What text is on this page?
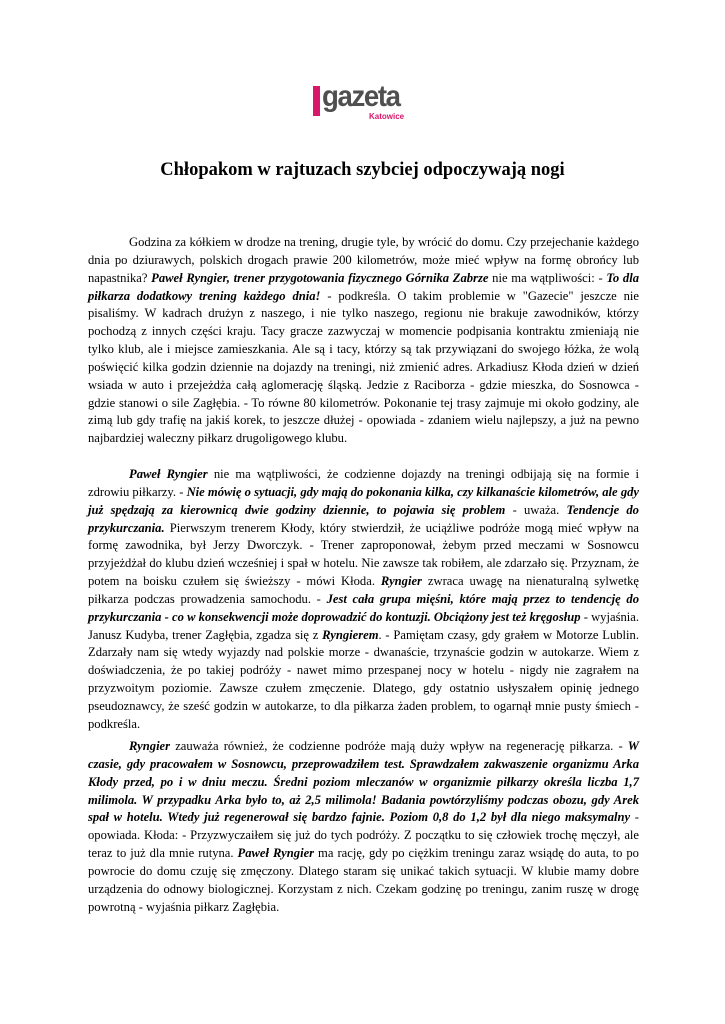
gazeta
Katowice
Chłopakom w rajtuzach szybciej odpoczywają nogi

Godzina za kółkiem w drodze na trening, drugie tyle, by wrócić do domu. Czy przejechanie każdego dnia po dziurawych, polskich drogach prawie 200 kilometrów, może mieć wpływ na formę obrońcy lub napastnika? Paweł Ryngier, trener przygotowania fizycznego Górnika Zabrze nie ma wątpliwości: - To dla piłkarza dodatkowy trening każdego dnia! - podkreśla. O takim problemie w "Gazecie" jeszcze nie pisaliśmy. W kadrach drużyn z naszego, i nie tylko naszego, regionu nie brakuje zawodników, którzy pochodzą z innych części kraju. Tacy gracze zazwyczaj w momencie podpisania kontraktu zmieniają nie tylko klub, ale i miejsce zamieszkania. Ale są i tacy, którzy są tak przywiązani do swojego łóżka, że wolą poświęcić kilka godzin dziennie na dojazdy na treningi, niż zmienić adres. Arkadiusz Kłoda dzień w dzień wsiada w auto i przejeżdża całą aglomerację śląską. Jedzie z Raciborza - gdzie mieszka, do Sosnowca - gdzie stanowi o sile Zagłębia. - To równe 80 kilometrów. Pokonanie tej trasy zajmuje mi około godziny, ale zimą lub gdy trafię na jakiś korek, to jeszcze dłużej - opowiada - zdaniem wielu najlepszy, a już na pewno najbardziej waleczny piłkarz drugoligowego klubu.

Paweł Ryngier nie ma wątpliwości, że codzienne dojazdy na treningi odbijają się na formie i zdrowiu piłkarzy. - Nie mówię o sytuacji, gdy mają do pokonania kilka, czy kilkanaście kilometrów, ale gdy już spędzają za kierownicą dwie godziny dziennie, to pojawia się problem - uważa. Tendencje do przykurczania. Pierwszym trenerem Kłody, który stwierdził, że uciążliwe podróże mogą mieć wpływ na formę zawodnika, był Jerzy Dworczyk. - Trener zaproponował, żebym przed meczami w Sosnowcu przyjeżdżał do klubu dzień wcześniej i spał w hotelu. Nie zawsze tak robiłem, ale zdarzało się. Przyznam, że potem na boisku czułem się świeższy - mówi Kłoda. Ryngier zwraca uwagę na nienaturalną sylwetkę piłkarza podczas prowadzenia samochodu. - Jest cała grupa mięśni, które mają przez to tendencję do przykurczania - co w konsekwencji może doprowadzić do kontuzji. Obciążony jest też kręgosłup - wyjaśnia. Janusz Kudyba, trener Zagłębia, zgadza się z Ryngierem. - Pamiętam czasy, gdy grałem w Motorze Lublin. Zdarzały nam się wtedy wyjazdy nad polskie morze - dwanaście, trzynaście godzin w autokarze. Wiem z doświadczenia, że po takiej podróży - nawet mimo przespanej nocy w hotelu - nigdy nie zagrałem na przyzwoitym poziomie. Zawsze czułem zmęczenie. Dlatego, gdy ostatnio usłyszałem opinię jednego pseudoznawcy, że sześć godzin w autokarze, to dla piłkarza żaden problem, to ogarnął mnie pusty śmiech - podkreśla.

Ryngier zauważa również, że codzienne podróże mają duży wpływ na regenerację piłkarza. - W czasie, gdy pracowałem w Sosnowcu, przeprowadziłem test. Sprawdzałem zakwaszenie organizmu Arka Kłody przed, po i w dniu meczu. Średni poziom mleczanów w organizmie piłkarzy określa liczba 1,7 milimola. W przypadku Arka było to, aż 2,5 milimola! Badania powtórzyliśmy podczas obozu, gdy Arek spał w hotelu. Wtedy już regenerował się bardzo fajnie. Poziom 0,8 do 1,2 był dla niego maksymalny - opowiada. Kłoda: - Przyzwyczaiłem się już do tych podróży. Z początku to się człowiek trochę męczył, ale teraz to już dla mnie rutyna. Paweł Ryngier ma rację, gdy po ciężkim treningu zaraz wsiądę do auta, to po powrocie do domu czuję się zmęczony. Dlatego staram się unikać takich sytuacji. W klubie mamy dobre urządzenia do odnowy biologicznej. Korzystam z nich. Czekam godzinę po treningu, zanim ruszę w drogę powrotną - wyjaśnia piłkarz Zagłębia.
